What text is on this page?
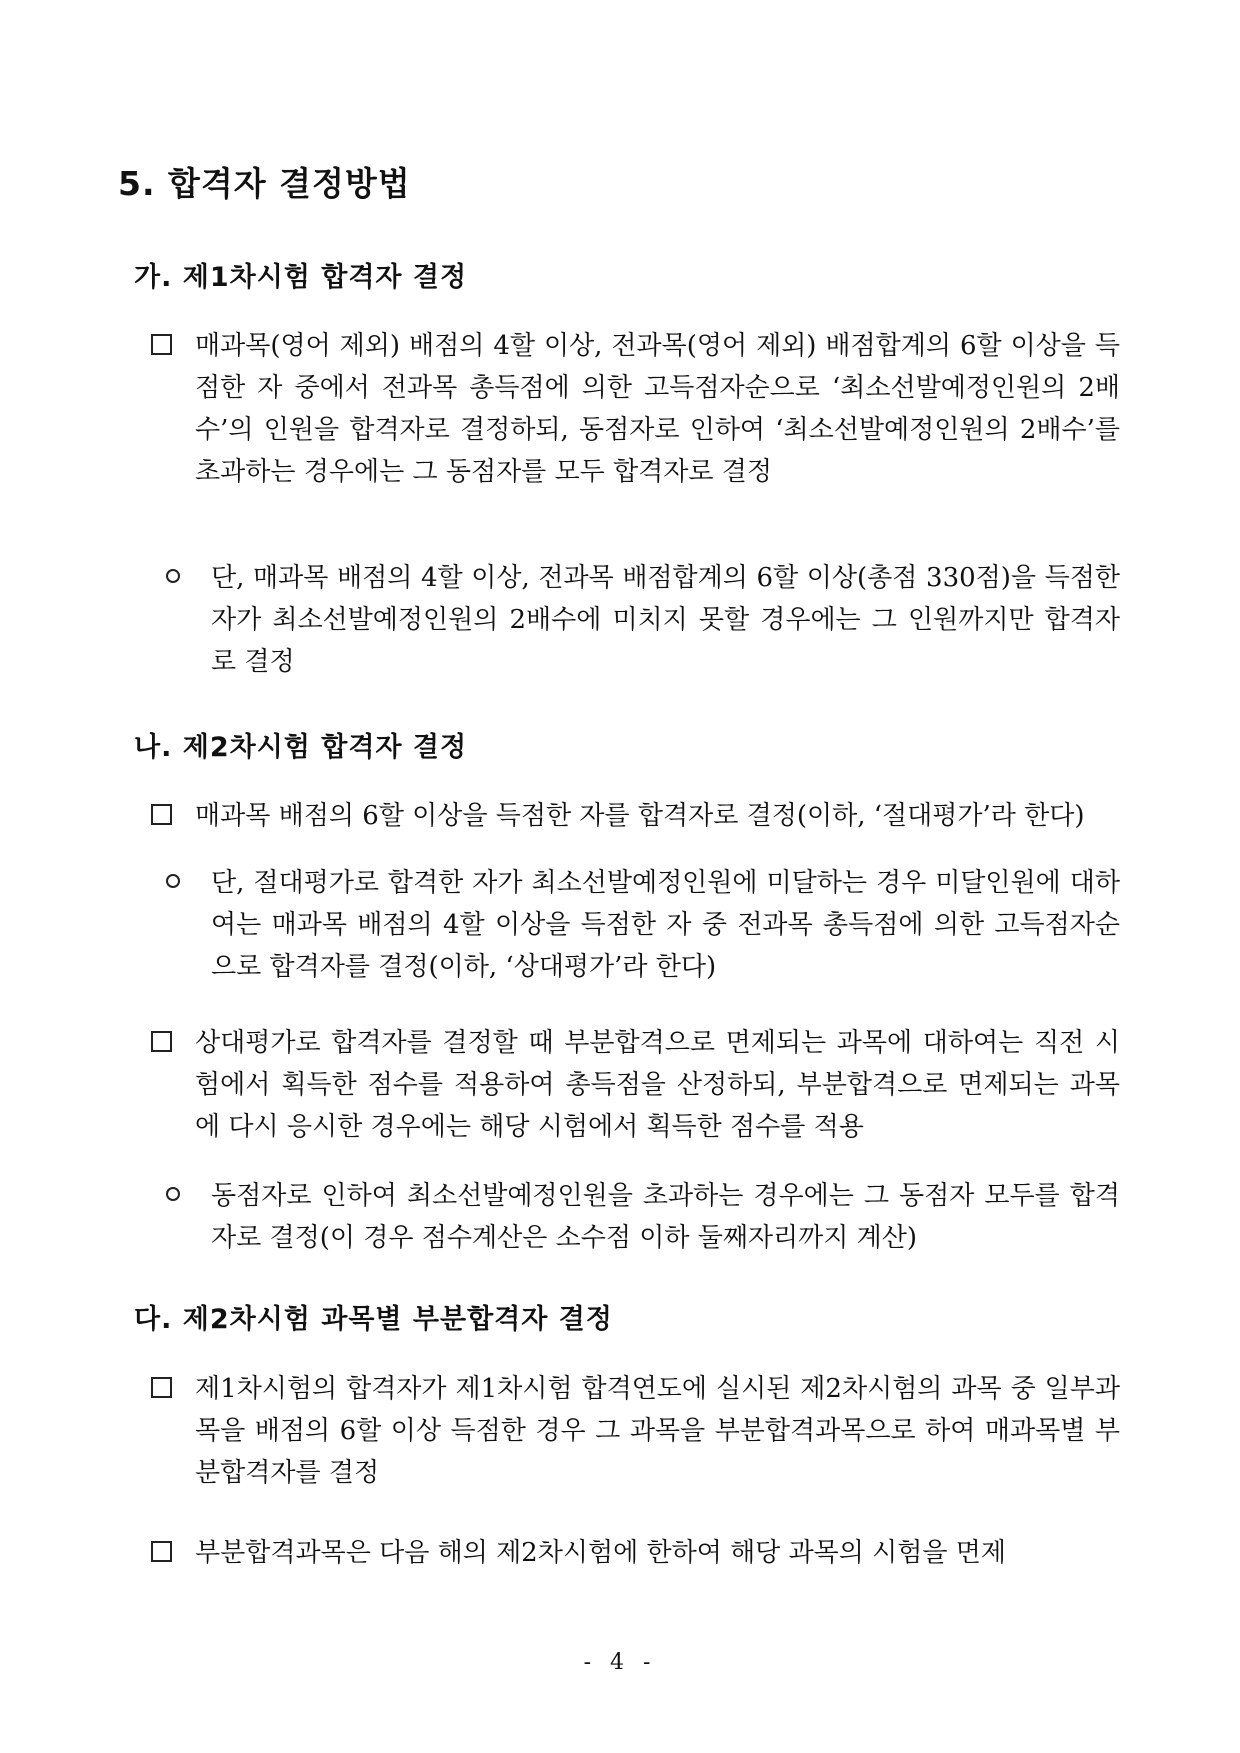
5. 합격자 결정방법
가. 제1차시험 합격자 결정
매과목(영어 제외) 배점의 4할 이상, 전과목(영어 제외) 배점합계의 6할 이상을 득점한 자 중에서 전과목 총득점에 의한 고득점자순으로 ‘최소선발예정인원의 2배수’의 인원을 합격자로 결정하되, 동점자로 인하여 ‘최소선발예정인원의 2배수’를 초과하는 경우에는 그 동점자를 모두 합격자로 결정
단, 매과목 배점의 4할 이상, 전과목 배점합계의 6할 이상(총점 330점)을 득점한 자가 최소선발예정인원의 2배수에 미치지 못할 경우에는 그 인원까지만 합격자로 결정
나. 제2차시험 합격자 결정
매과목 배점의 6할 이상을 득점한 자를 합격자로 결정(이하, ‘절대평가’라 한다)
단, 절대평가로 합격한 자가 최소선발예정인원에 미달하는 경우 미달인원에 대하여는 매과목 배점의 4할 이상을 득점한 자 중 전과목 총득점에 의한 고득점자순으로 합격자를 결정(이하, ‘상대평가’라 한다)
상대평가로 합격자를 결정할 때 부분합격으로 면제되는 과목에 대하여는 직전 시험에서 획득한 점수를 적용하여 총득점을 산정하되, 부분합격으로 면제되는 과목에 다시 응시한 경우에는 해당 시험에서 획득한 점수를 적용
동점자로 인하여 최소선발예정인원을 초과하는 경우에는 그 동점자 모두를 합격자로 결정(이 경우 점수계산은 소수점 이하 둘째자리까지 계산)
다. 제2차시험 과목별 부분합격자 결정
제1차시험의 합격자가 제1차시험 합격연도에 실시된 제2차시험의 과목 중 일부과목을 배점의 6할 이상 득점한 경우 그 과목을 부분합격과목으로 하여 매과목별 부분합격자를 결정
부분합격과목은 다음 해의 제2차시험에 한하여 해당 과목의 시험을 면제
- 4 -
